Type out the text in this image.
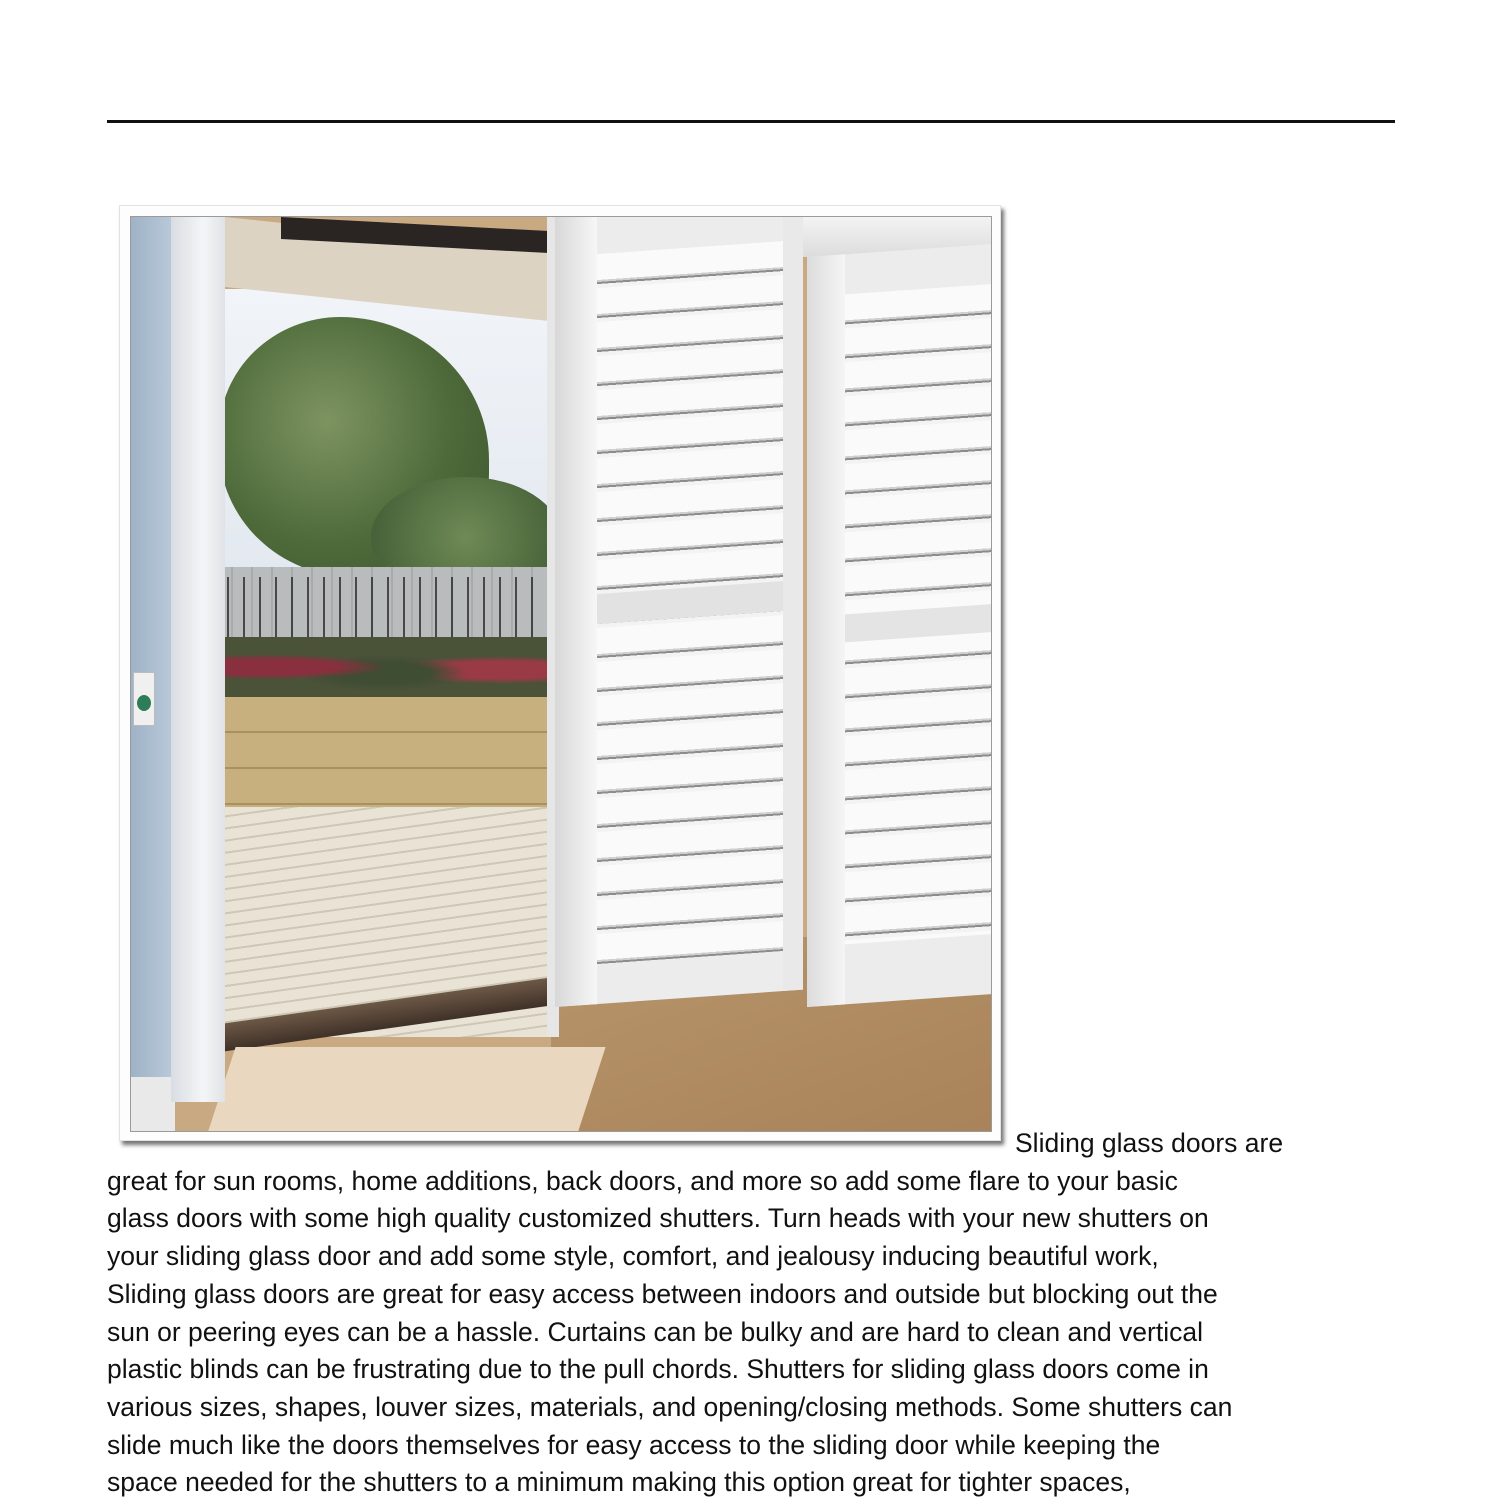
Sliding glass doors are
great for sun rooms, home additions, back doors, and more so add some flare to your basic
glass doors with some high quality customized shutters. Turn heads with your new shutters on
your sliding glass door and add some style, comfort, and jealousy inducing beautiful work,
Sliding glass doors are great for easy access between indoors and outside but blocking out the
sun or peering eyes can be a hassle. Curtains can be bulky and are hard to clean and vertical
plastic blinds can be frustrating due to the pull chords. Shutters for sliding glass doors come in
various sizes, shapes, louver sizes, materials, and opening/closing methods. Some shutters can
slide much like the doors themselves for easy access to the sliding door while keeping the
space needed for the shutters to a minimum making this option great for tighter spaces,
